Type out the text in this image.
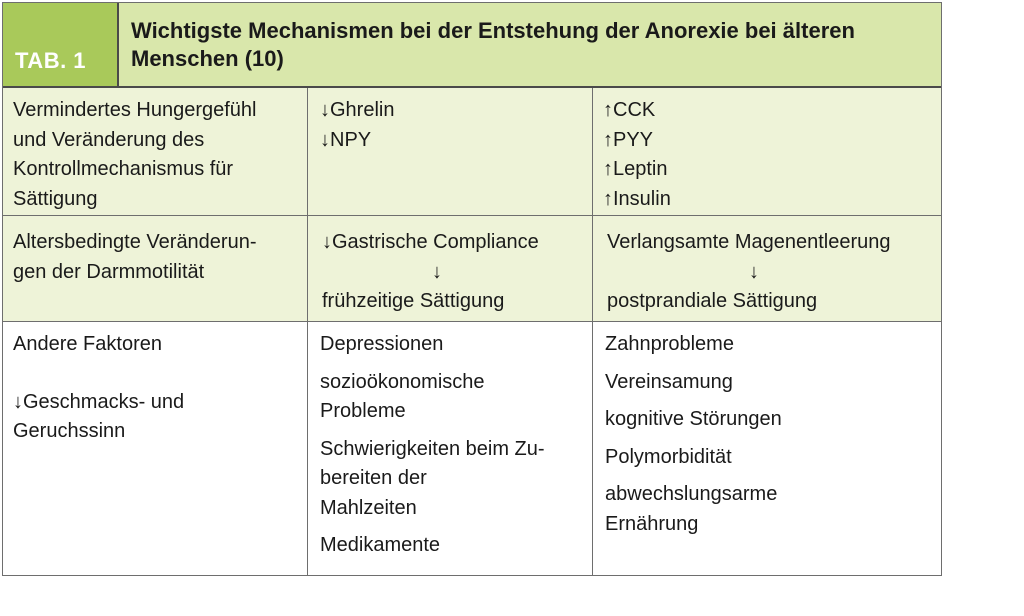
TAB. 1
Wichtigste Mechanismen bei der Entstehung der Anorexie bei älteren
Menschen (10)
Vermindertes Hungergefühl
und Veränderung des
Kontrollmechanismus für
Sättigung
↓Ghrelin
↓NPY
↑CCK
↑PYY
↑Leptin
↑Insulin
Altersbedingte Veränderun-
gen der Darmmotilität
↓Gastrische Compliance
↓
frühzeitige Sättigung
Verlangsamte Magenentleerung
↓
postprandiale Sättigung
Andere Faktoren
↓Geschmacks- und
Geruchssinn
Depressionen
sozioökonomische
Probleme
Schwierigkeiten beim Zu-
bereiten der
Mahlzeiten
Medikamente
Zahnprobleme
Vereinsamung
kognitive Störungen
Polymorbidität
abwechslungsarme
Ernährung
